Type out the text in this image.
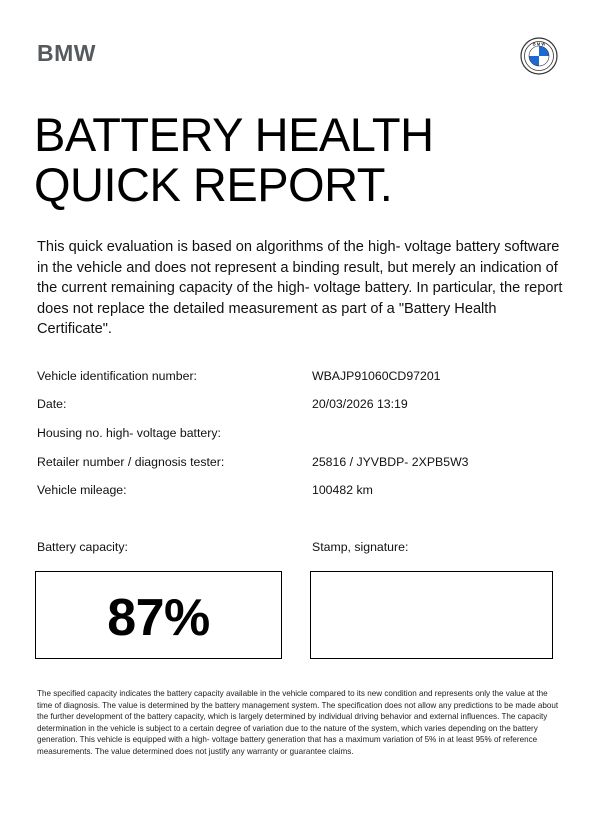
BMW	B M W
BATTERY HEALTH
QUICK REPORT.

This quick evaluation is based on algorithms of the high- voltage battery software in the vehicle and does not represent a binding result, but merely an indication of the current remaining capacity of the high- voltage battery. In particular, the report does not replace the detailed measurement as part of a "Battery Health Certificate".

Vehicle identification number:	WBAJP91060CD97201
Date:	20/03/2026 13:19
Housing no. high- voltage battery:
Retailer number / diagnosis tester:	25816 / JYVBDP- 2XPB5W3
Vehicle mileage:	100482 km
Battery capacity:	Stamp, signature:
87%

The specified capacity indicates the battery capacity available in the vehicle compared to its new condition and represents only the value at the time of diagnosis. The value is determined by the battery management system. The specification does not allow any predictions to be made about the further development of the battery capacity, which is largely determined by individual driving behavior and external influences. The capacity determination in the vehicle is subject to a certain degree of variation due to the nature of the system, which varies depending on the battery generation. This vehicle is equipped with a high- voltage battery generation that has a maximum variation of 5% in at least 95% of reference measurements. The value determined does not justify any warranty or guarantee claims.
